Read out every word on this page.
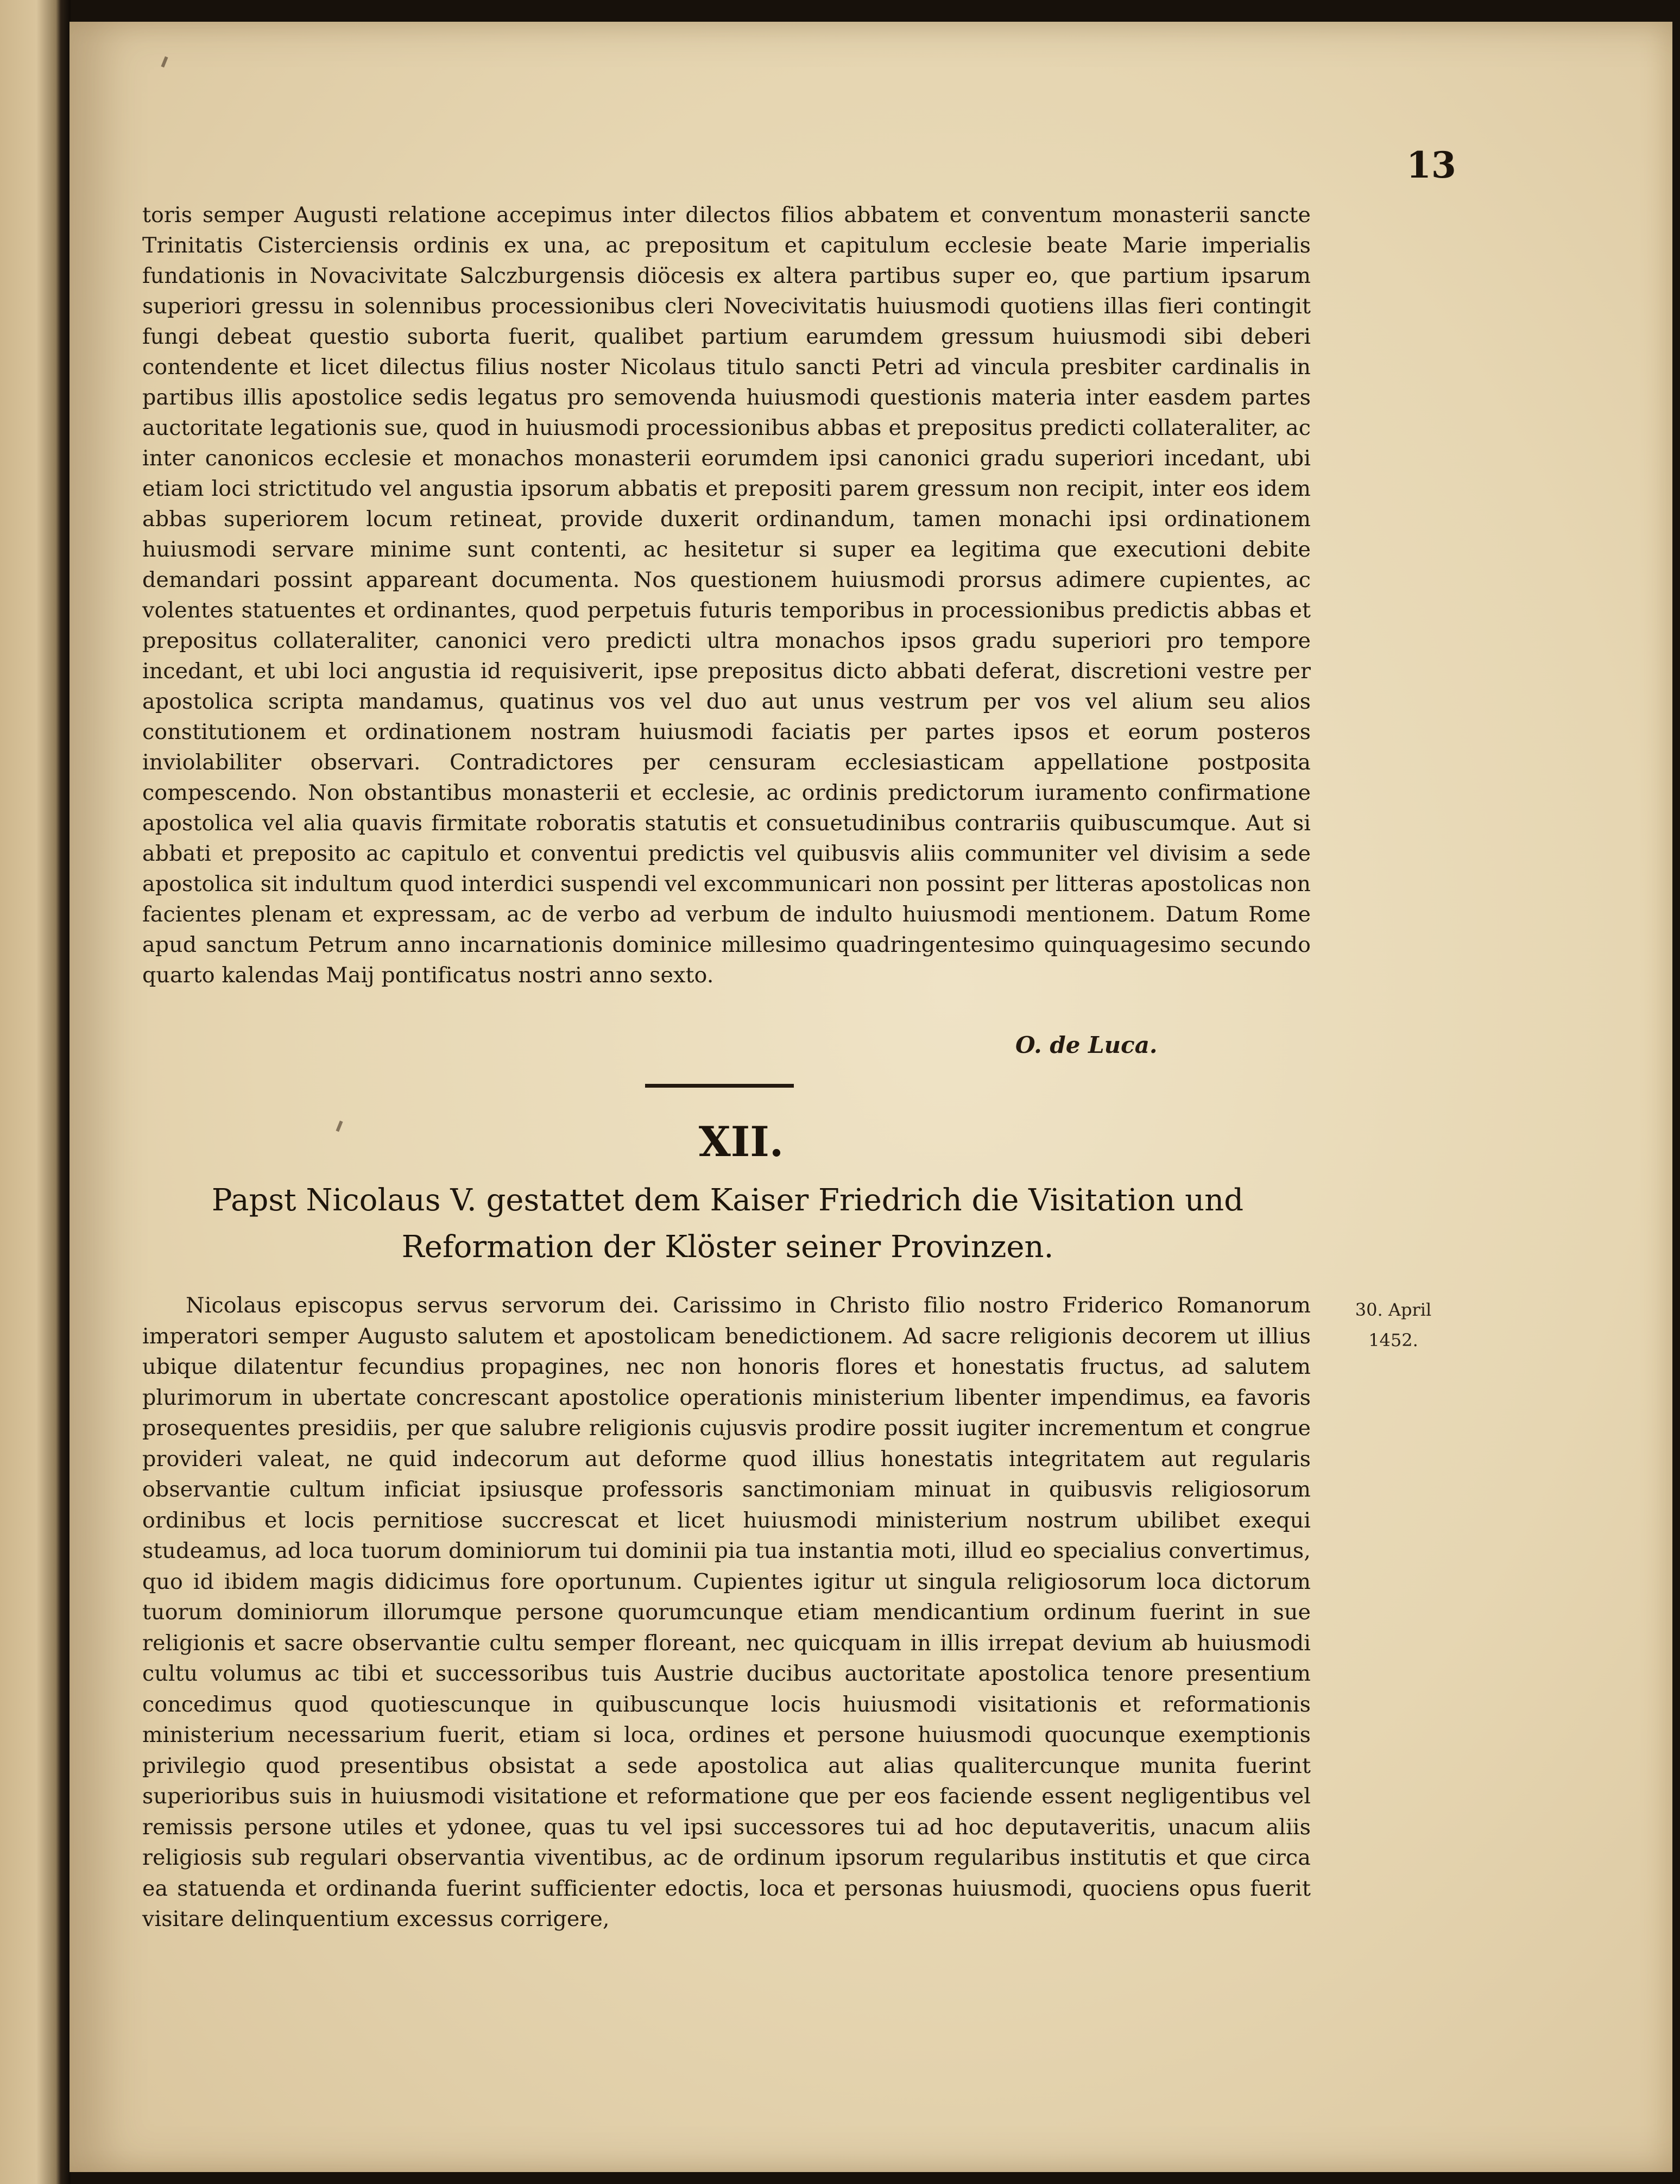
13

toris semper Augusti relatione accepimus inter dilectos filios abbatem et conventum monasterii sancte Trinitatis Cisterciensis ordinis ex una, ac prepositum et capitulum ecclesie beate Marie imperialis fundationis in Novacivitate Salczburgensis diöcesis ex altera partibus super eo, que partium ipsarum superiori gressu in solennibus processionibus cleri Novecivitatis huiusmodi quotiens illas fieri contingit fungi debeat questio suborta fuerit, qualibet partium earumdem gressum huiusmodi sibi deberi contendente et licet dilectus filius noster Nicolaus titulo sancti Petri ad vincula presbiter cardinalis in partibus illis apostolice sedis legatus pro semovenda huiusmodi questionis materia inter easdem partes auctoritate legationis sue, quod in huiusmodi processionibus abbas et prepositus predicti collateraliter, ac inter canonicos ecclesie et monachos monasterii eorumdem ipsi canonici gradu superiori incedant, ubi etiam loci strictitudo vel angustia ipsorum abbatis et prepositi parem gressum non recipit, inter eos idem abbas superiorem locum retineat, provide duxerit ordinandum, tamen monachi ipsi ordinationem huiusmodi servare minime sunt contenti, ac hesitetur si super ea legitima que executioni debite demandari possint appareant documenta. Nos questionem huiusmodi prorsus adimere cupientes, ac volentes statuentes et ordinantes, quod perpetuis futuris temporibus in processionibus predictis abbas et prepositus collateraliter, canonici vero predicti ultra monachos ipsos gradu superiori pro tempore incedant, et ubi loci angustia id requisiverit, ipse prepositus dicto abbati deferat, discretioni vestre per apostolica scripta mandamus, quatinus vos vel duo aut unus vestrum per vos vel alium seu alios constitutionem et ordinationem nostram huiusmodi faciatis per partes ipsos et eorum posteros inviolabiliter observari. Contradictores per censuram ecclesiasticam appellatione postposita compescendo. Non obstantibus monasterii et ecclesie, ac ordinis predictorum iuramento confirmatione apostolica vel alia quavis firmitate roboratis statutis et consuetudinibus contrariis quibuscumque. Aut si abbati et preposito ac capitulo et conventui predictis vel quibusvis aliis communiter vel divisim a sede apostolica sit indultum quod interdici suspendi vel excommunicari non possint per litteras apostolicas non facientes plenam et expressam, ac de verbo ad verbum de indulto huiusmodi mentionem. Datum Rome apud sanctum Petrum anno incarnationis dominice millesimo quadringentesimo quinquagesimo secundo quarto kalendas Maij pontificatus nostri anno sexto.

O. de Luca.

XII.
Papst Nicolaus V. gestattet dem Kaiser Friedrich die Visitation und Reformation der Klöster seiner Provinzen.

Nicolaus episcopus servus servorum dei. Carissimo in Christo filio nostro Friderico Romanorum imperatori semper Augusto salutem et apostolicam benedictionem. Ad sacre religionis decorem ut illius ubique dilatentur fecundius propagines, nec non honoris flores et honestatis fructus, ad salutem plurimorum in ubertate concrescant apostolice operationis ministerium libenter impendimus, ea favoris prosequentes presidiis, per que salubre religionis cujusvis prodire possit iugiter incrementum et congrue provideri valeat, ne quid indecorum aut deforme quod illius honestatis integritatem aut regularis observantie cultum inficiat ipsiusque professoris sanctimoniam minuat in quibusvis religiosorum ordinibus et locis pernitiose succrescat et licet huiusmodi ministerium nostrum ubilibet exequi studeamus, ad loca tuorum dominiorum tui dominii pia tua instantia moti, illud eo specialius convertimus, quo id ibidem magis didicimus fore oportunum. Cupientes igitur ut singula religiosorum loca dictorum tuorum dominiorum illorumque persone quorumcunque etiam mendicantium ordinum fuerint in sue religionis et sacre observantie cultu semper floreant, nec quicquam in illis irrepat devium ab huiusmodi cultu volumus ac tibi et successoribus tuis Austrie ducibus auctoritate apostolica tenore presentium concedimus quod quotiescunque in quibuscunque locis huiusmodi visitationis et reformationis ministerium necessarium fuerit, etiam si loca, ordines et persone huiusmodi quocunque exemptionis privilegio quod presentibus obsistat a sede apostolica aut alias qualitercunque munita fuerint superioribus suis in huiusmodi visitatione et reformatione que per eos faciende essent negligentibus vel remissis persone utiles et ydonee, quas tu vel ipsi successores tui ad hoc deputaveritis, unacum aliis religiosis sub regulari observantia viventibus, ac de ordinum ipsorum regularibus institutis et que circa ea statuenda et ordinanda fuerint sufficienter edoctis, loca et personas huiusmodi, quociens opus fuerit visitare delinquentium excessus corrigere,

30. April
1452.
